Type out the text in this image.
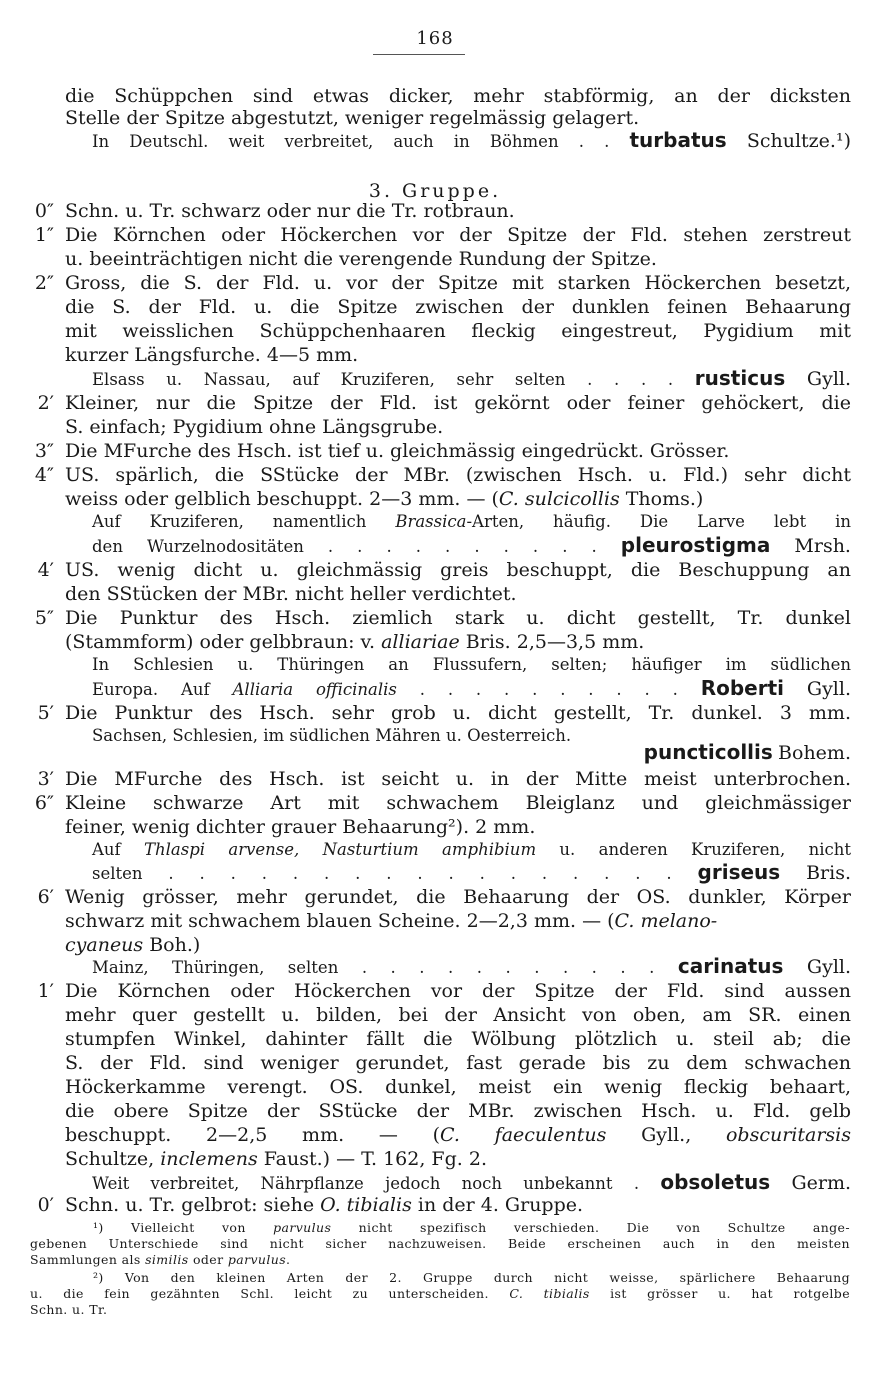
168
3. Gruppe.
die Schüppchen sind etwas dicker, mehr stabförmig, an der dicksten
Stelle der Spitze abgestutzt, weniger regelmässig gelagert.
In Deutschl. weit verbreitet, auch in Böhmen . . turbatus Schultze.¹)
0″ Schn. u. Tr. schwarz oder nur die Tr. rotbraun.
1″ Die Körnchen oder Höckerchen vor der Spitze der Fld. stehen zerstreut
u. beeinträchtigen nicht die verengende Rundung der Spitze.
2″ Gross, die S. der Fld. u. vor der Spitze mit starken Höckerchen besetzt,
die S. der Fld. u. die Spitze zwischen der dunklen feinen Behaarung
mit weisslichen Schüppchenhaaren fleckig eingestreut, Pygidium mit
kurzer Längsfurche. 4—5 mm.
Elsass u. Nassau, auf Kruziferen, sehr selten . . . . rusticus Gyll.
2′ Kleiner, nur die Spitze der Fld. ist gekörnt oder feiner gehöckert, die
S. einfach; Pygidium ohne Längsgrube.
3″ Die MFurche des Hsch. ist tief u. gleichmässig eingedrückt. Grösser.
4″ US. spärlich, die SStücke der MBr. (zwischen Hsch. u. Fld.) sehr dicht
weiss oder gelblich beschuppt. 2—3 mm. — (C. sulcicollis Thoms.)
Auf Kruziferen, namentlich Brassica-Arten, häufig. Die Larve lebt in
den Wurzelnodositäten . . . . . . . . . . pleurostigma Mrsh.
4′ US. wenig dicht u. gleichmässig greis beschuppt, die Beschuppung an
den SStücken der MBr. nicht heller verdichtet.
5″ Die Punktur des Hsch. ziemlich stark u. dicht gestellt, Tr. dunkel
(Stammform) oder gelbbraun: v. alliariae Bris. 2,5—3,5 mm.
In Schlesien u. Thüringen an Flussufern, selten; häufiger im südlichen
Europa. Auf Alliaria officinalis . . . . . . . . . . Roberti Gyll.
5′ Die Punktur des Hsch. sehr grob u. dicht gestellt, Tr. dunkel. 3 mm.
Sachsen, Schlesien, im südlichen Mähren u. Oesterreich.
puncticollis Bohem.
3′ Die MFurche des Hsch. ist seicht u. in der Mitte meist unterbrochen.
6″ Kleine schwarze Art mit schwachem Bleiglanz und gleichmässiger
feiner, wenig dichter grauer Behaarung²). 2 mm.
Auf Thlaspi arvense, Nasturtium amphibium u. anderen Kruziferen, nicht
selten . . . . . . . . . . . . . . . . . griseus Bris.
6′ Wenig grösser, mehr gerundet, die Behaarung der OS. dunkler, Körper
schwarz mit schwachem blauen Scheine. 2—2,3 mm. — (C. melano-
cyaneus Boh.)
Mainz, Thüringen, selten . . . . . . . . . . . carinatus Gyll.
1′ Die Körnchen oder Höckerchen vor der Spitze der Fld. sind aussen
mehr quer gestellt u. bilden, bei der Ansicht von oben, am SR. einen
stumpfen Winkel, dahinter fällt die Wölbung plötzlich u. steil ab; die
S. der Fld. sind weniger gerundet, fast gerade bis zu dem schwachen
Höckerkamme verengt. OS. dunkel, meist ein wenig fleckig behaart,
die obere Spitze der SStücke der MBr. zwischen Hsch. u. Fld. gelb
beschuppt. 2—2,5 mm. — (C. faeculentus Gyll., obscuritarsis
Schultze, inclemens Faust.) — T. 162, Fg. 2.
Weit verbreitet, Nährpflanze jedoch noch unbekannt . obsoletus Germ.
0′ Schn. u. Tr. gelbrot: siehe O. tibialis in der 4. Gruppe.
¹) Vielleicht von parvulus nicht spezifisch verschieden. Die von Schultze ange-
gebenen Unterschiede sind nicht sicher nachzuweisen. Beide erscheinen auch in den meisten
Sammlungen als similis oder parvulus.
²) Von den kleinen Arten der 2. Gruppe durch nicht weisse, spärlichere Behaarung
u. die fein gezähnten Schl. leicht zu unterscheiden. C. tibialis ist grösser u. hat rotgelbe
Schn. u. Tr.
